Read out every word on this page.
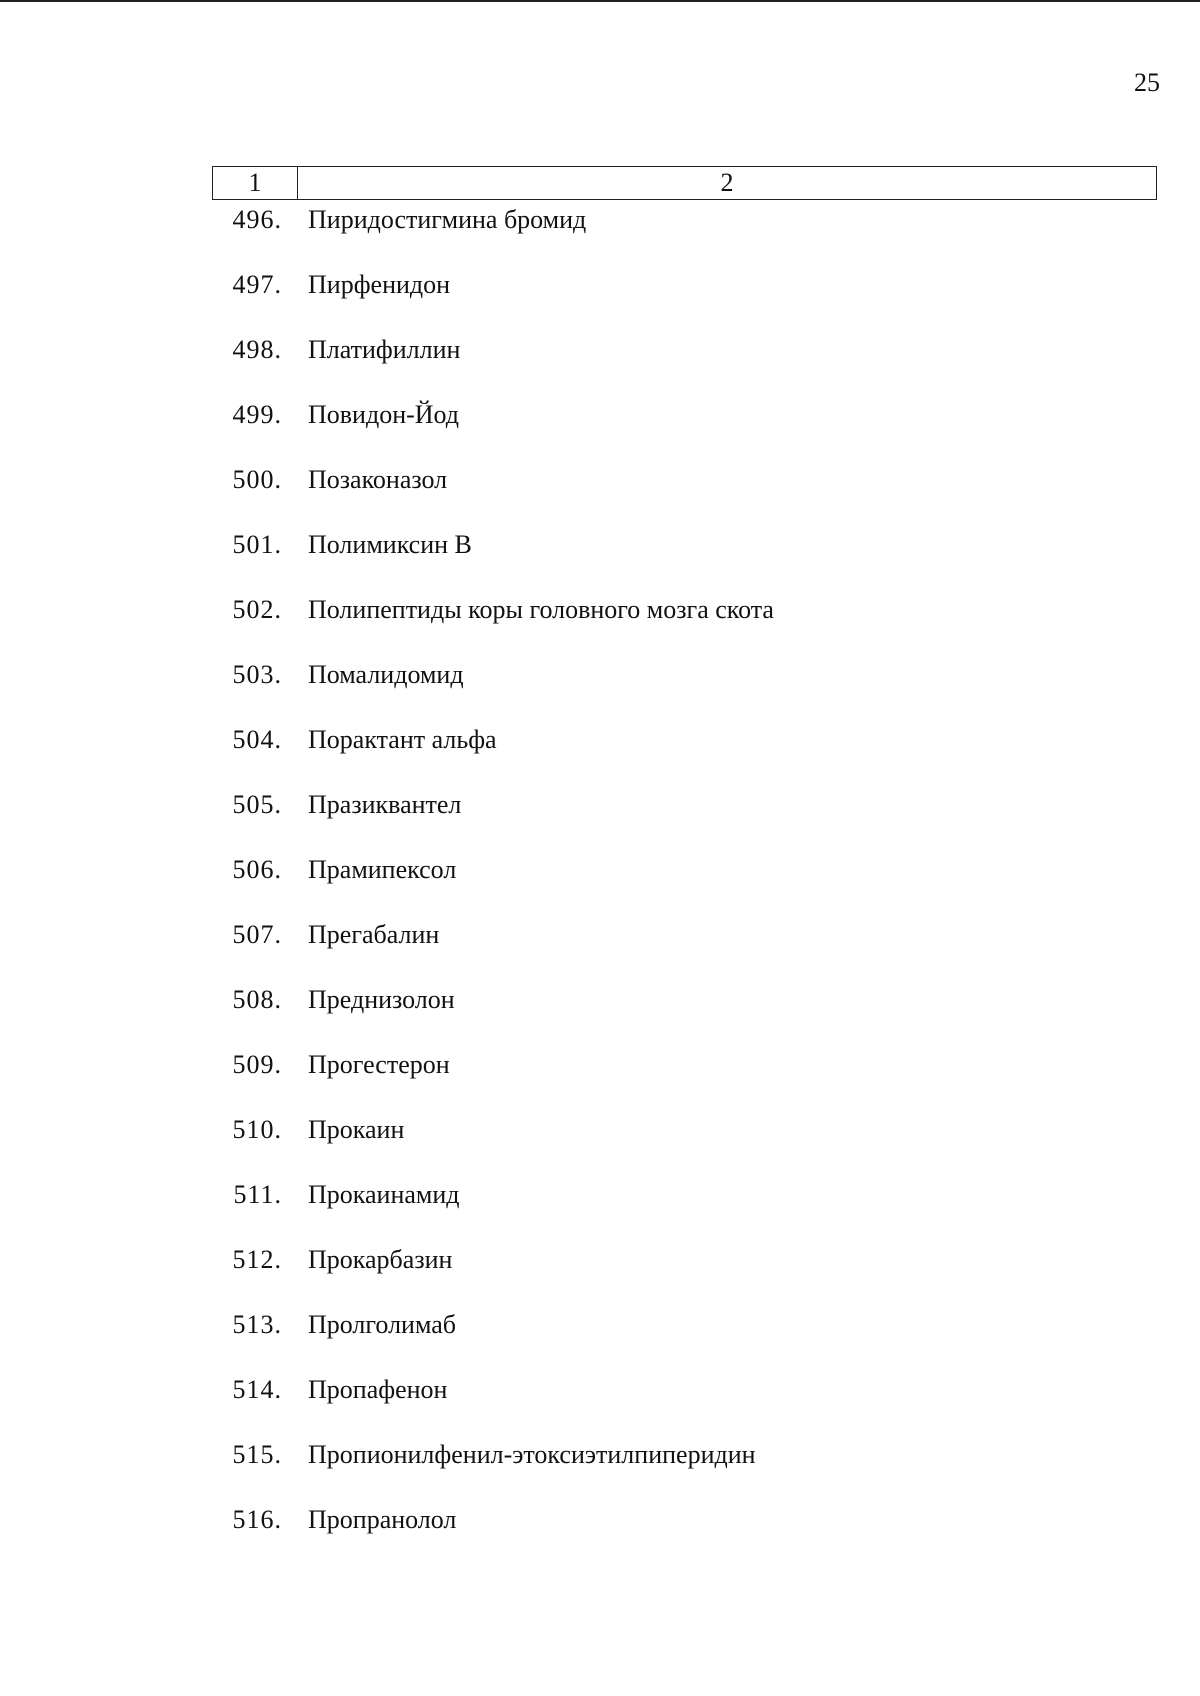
25
1	2
496. Пиридостигмина бромид
497. Пирфенидон
498. Платифиллин
499. Повидон-Йод
500. Позаконазол
501. Полимиксин B
502. Полипептиды коры головного мозга скота
503. Помалидомид
504. Порактант альфа
505. Празиквантел
506. Прамипексол
507. Прегабалин
508. Преднизолон
509. Прогестерон
510. Прокаин
511. Прокаинамид
512. Прокарбазин
513. Пролголимаб
514. Пропафенон
515. Пропионилфенил-этоксиэтилпиперидин
516. Пропранолол
